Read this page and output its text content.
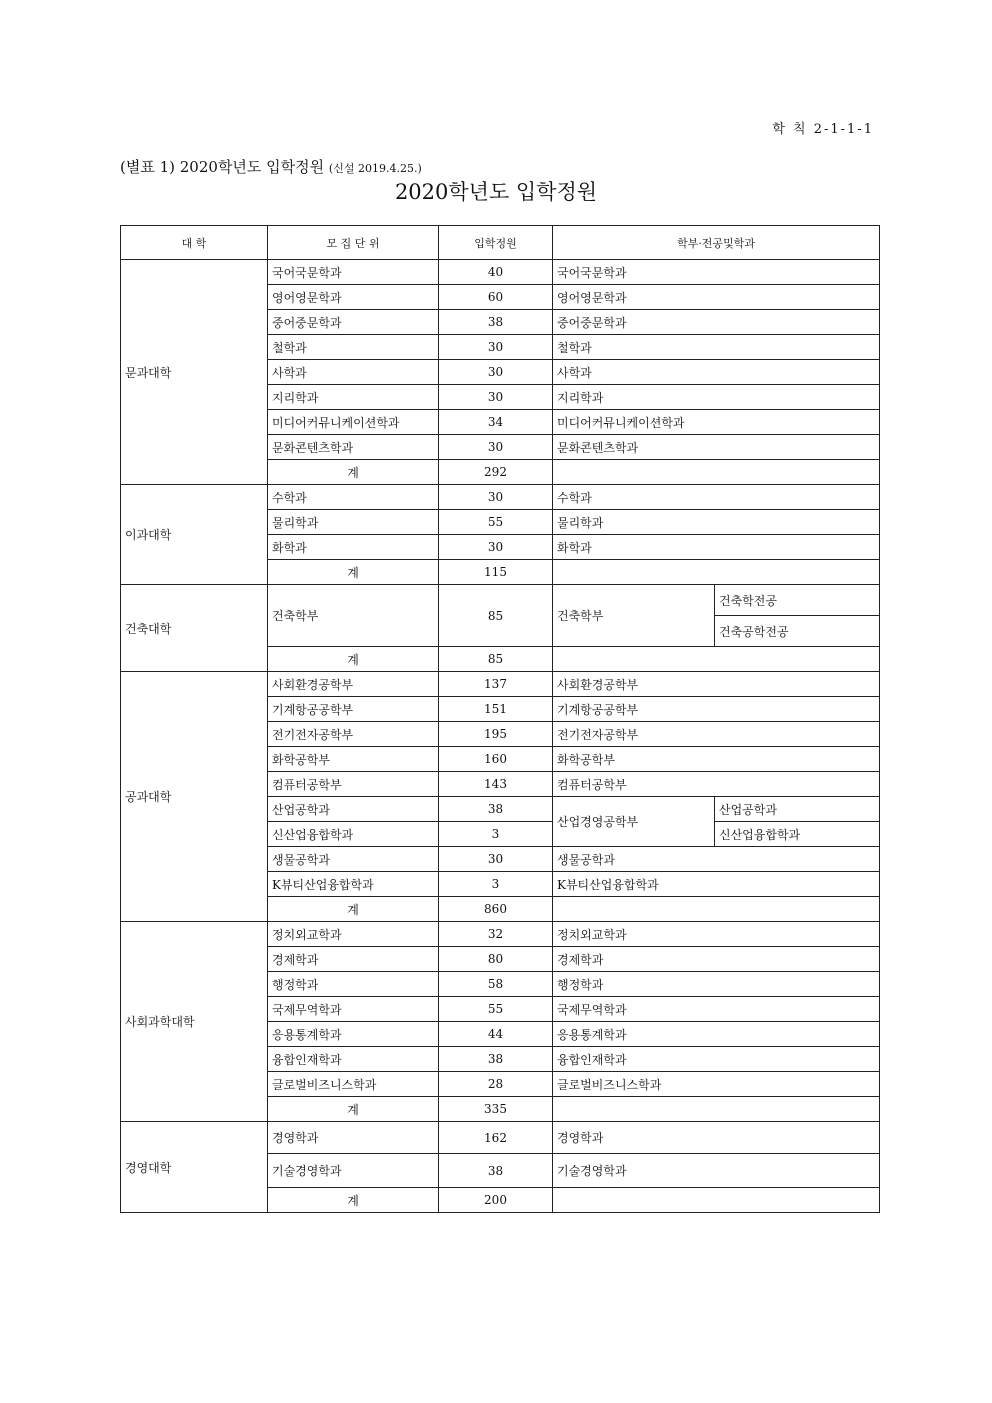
학 칙 2-1-1-1
(별표 1) 2020학년도 입학정원 (신설 2019.4.25.)
2020학년도 입학정원
대 학	모 집 단 위	입학정원	학부·전공및학과	
문과대학	국어국문학과	40	국어국문학과	
	영어영문학과	60	영어영문학과	
	중어중문학과	38	중어중문학과	
	철학과	30	철학과	
	사학과	30	사학과	
	지리학과	30	지리학과	
	미디어커뮤니케이션학과	34	미디어커뮤니케이션학과	
	문화콘텐츠학과	30	문화콘텐츠학과	
	계	292		
이과대학	수학과	30	수학과	
	물리학과	55	물리학과	
	화학과	30	화학과	
	계	115		
건축대학	건축학부	85	건축학부	건축학전공
				건축공학전공
	계	85		
공과대학	사회환경공학부	137	사회환경공학부	
	기계항공공학부	151	기계항공공학부	
	전기전자공학부	195	전기전자공학부	
	화학공학부	160	화학공학부	
	컴퓨터공학부	143	컴퓨터공학부	
	산업공학과	38	산업경영공학부	산업공학과
	신산업융합학과	3		신산업융합학과
	생물공학과	30	생물공학과	
	K뷰티산업융합학과	3	K뷰티산업융합학과	
	계	860		
사회과학대학	정치외교학과	32	정치외교학과	
	경제학과	80	경제학과	
	행정학과	58	행정학과	
	국제무역학과	55	국제무역학과	
	응용통계학과	44	응용통계학과	
	융합인재학과	38	융합인재학과	
	글로벌비즈니스학과	28	글로벌비즈니스학과	
	계	335		
경영대학	경영학과	162	경영학과	
	기술경영학과	38	기술경영학과	
	계	200		
